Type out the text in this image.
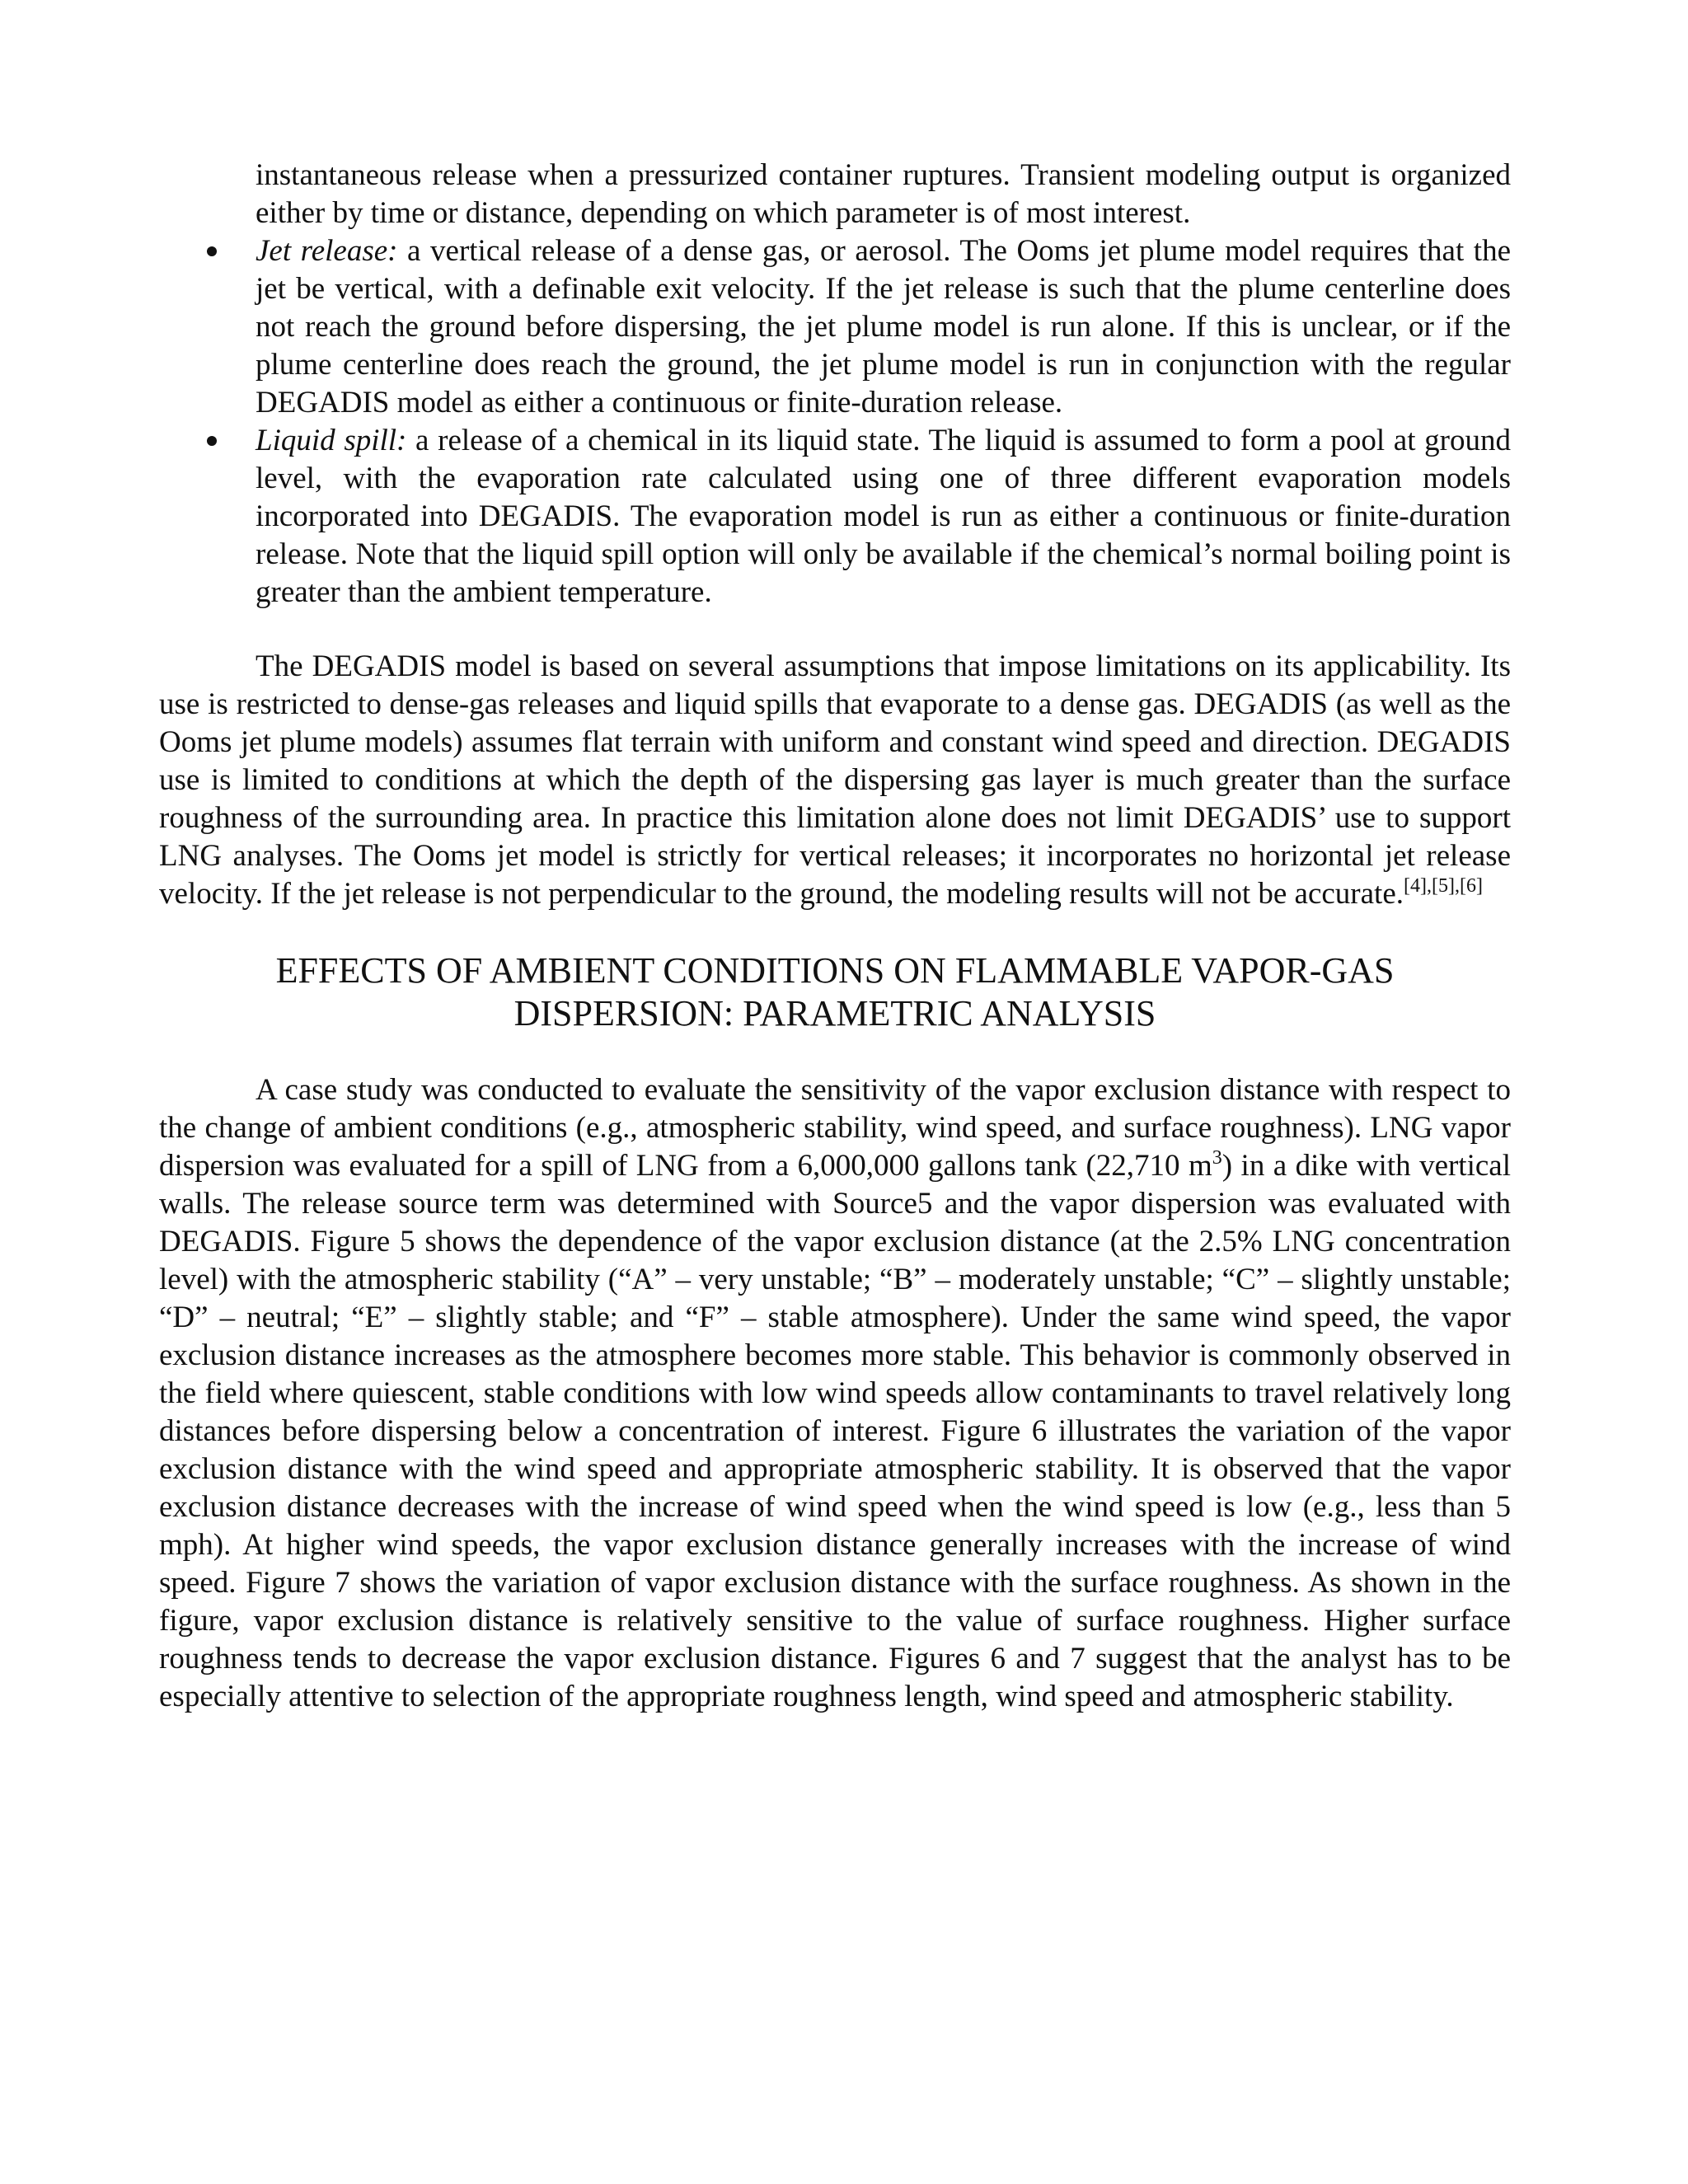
instantaneous release when a pressurized container ruptures. Transient modeling output is organized either by time or distance, depending on which parameter is of most interest.

Jet release: a vertical release of a dense gas, or aerosol. The Ooms jet plume model requires that the jet be vertical, with a definable exit velocity. If the jet release is such that the plume centerline does not reach the ground before dispersing, the jet plume model is run alone. If this is unclear, or if the plume centerline does reach the ground, the jet plume model is run in conjunction with the regular DEGADIS model as either a continuous or finite-duration release.
Liquid spill: a release of a chemical in its liquid state. The liquid is assumed to form a pool at ground level, with the evaporation rate calculated using one of three different evaporation models incorporated into DEGADIS. The evaporation model is run as either a continuous or finite-duration release. Note that the liquid spill option will only be available if the chemical’s normal boiling point is greater than the ambient temperature.

The DEGADIS model is based on several assumptions that impose limitations on its applicability. Its use is restricted to dense-gas releases and liquid spills that evaporate to a dense gas. DEGADIS (as well as the Ooms jet plume models) assumes flat terrain with uniform and constant wind speed and direction. DEGADIS use is limited to conditions at which the depth of the dispersing gas layer is much greater than the surface roughness of the surrounding area. In practice this limitation alone does not limit DEGADIS’ use to support LNG analyses. The Ooms jet model is strictly for vertical releases; it incorporates no horizontal jet release velocity. If the jet release is not perpendicular to the ground, the modeling results will not be accurate.[4],[5],[6]

EFFECTS OF AMBIENT CONDITIONS ON FLAMMABLE VAPOR-GAS
DISPERSION: PARAMETRIC ANALYSIS

A case study was conducted to evaluate the sensitivity of the vapor exclusion distance with respect to the change of ambient conditions (e.g., atmospheric stability, wind speed, and surface roughness). LNG vapor dispersion was evaluated for a spill of LNG from a 6,000,000 gallons tank (22,710 $m^3$) in a dike with vertical walls. The release source term was determined with Source5 and the vapor dispersion was evaluated with DEGADIS. Figure 5 shows the dependence of the vapor exclusion distance (at the 2.5% LNG concentration level) with the atmospheric stability (“A” – very unstable; “B” – moderately unstable; “C” – slightly unstable; “D” – neutral; “E” – slightly stable; and “F” – stable atmosphere). Under the same wind speed, the vapor exclusion distance increases as the atmosphere becomes more stable. This behavior is commonly observed in the field where quiescent, stable conditions with low wind speeds allow contaminants to travel relatively long distances before dispersing below a concentration of interest. Figure 6 illustrates the variation of the vapor exclusion distance with the wind speed and appropriate atmospheric stability. It is observed that the vapor exclusion distance decreases with the increase of wind speed when the wind speed is low (e.g., less than 5 mph). At higher wind speeds, the vapor exclusion distance generally increases with the increase of wind speed. Figure 7 shows the variation of vapor exclusion distance with the surface roughness. As shown in the figure, vapor exclusion distance is relatively sensitive to the value of surface roughness. Higher surface roughness tends to decrease the vapor exclusion distance. Figures 6 and 7 suggest that the analyst has to be especially attentive to selection of the appropriate roughness length, wind speed and atmospheric stability.
